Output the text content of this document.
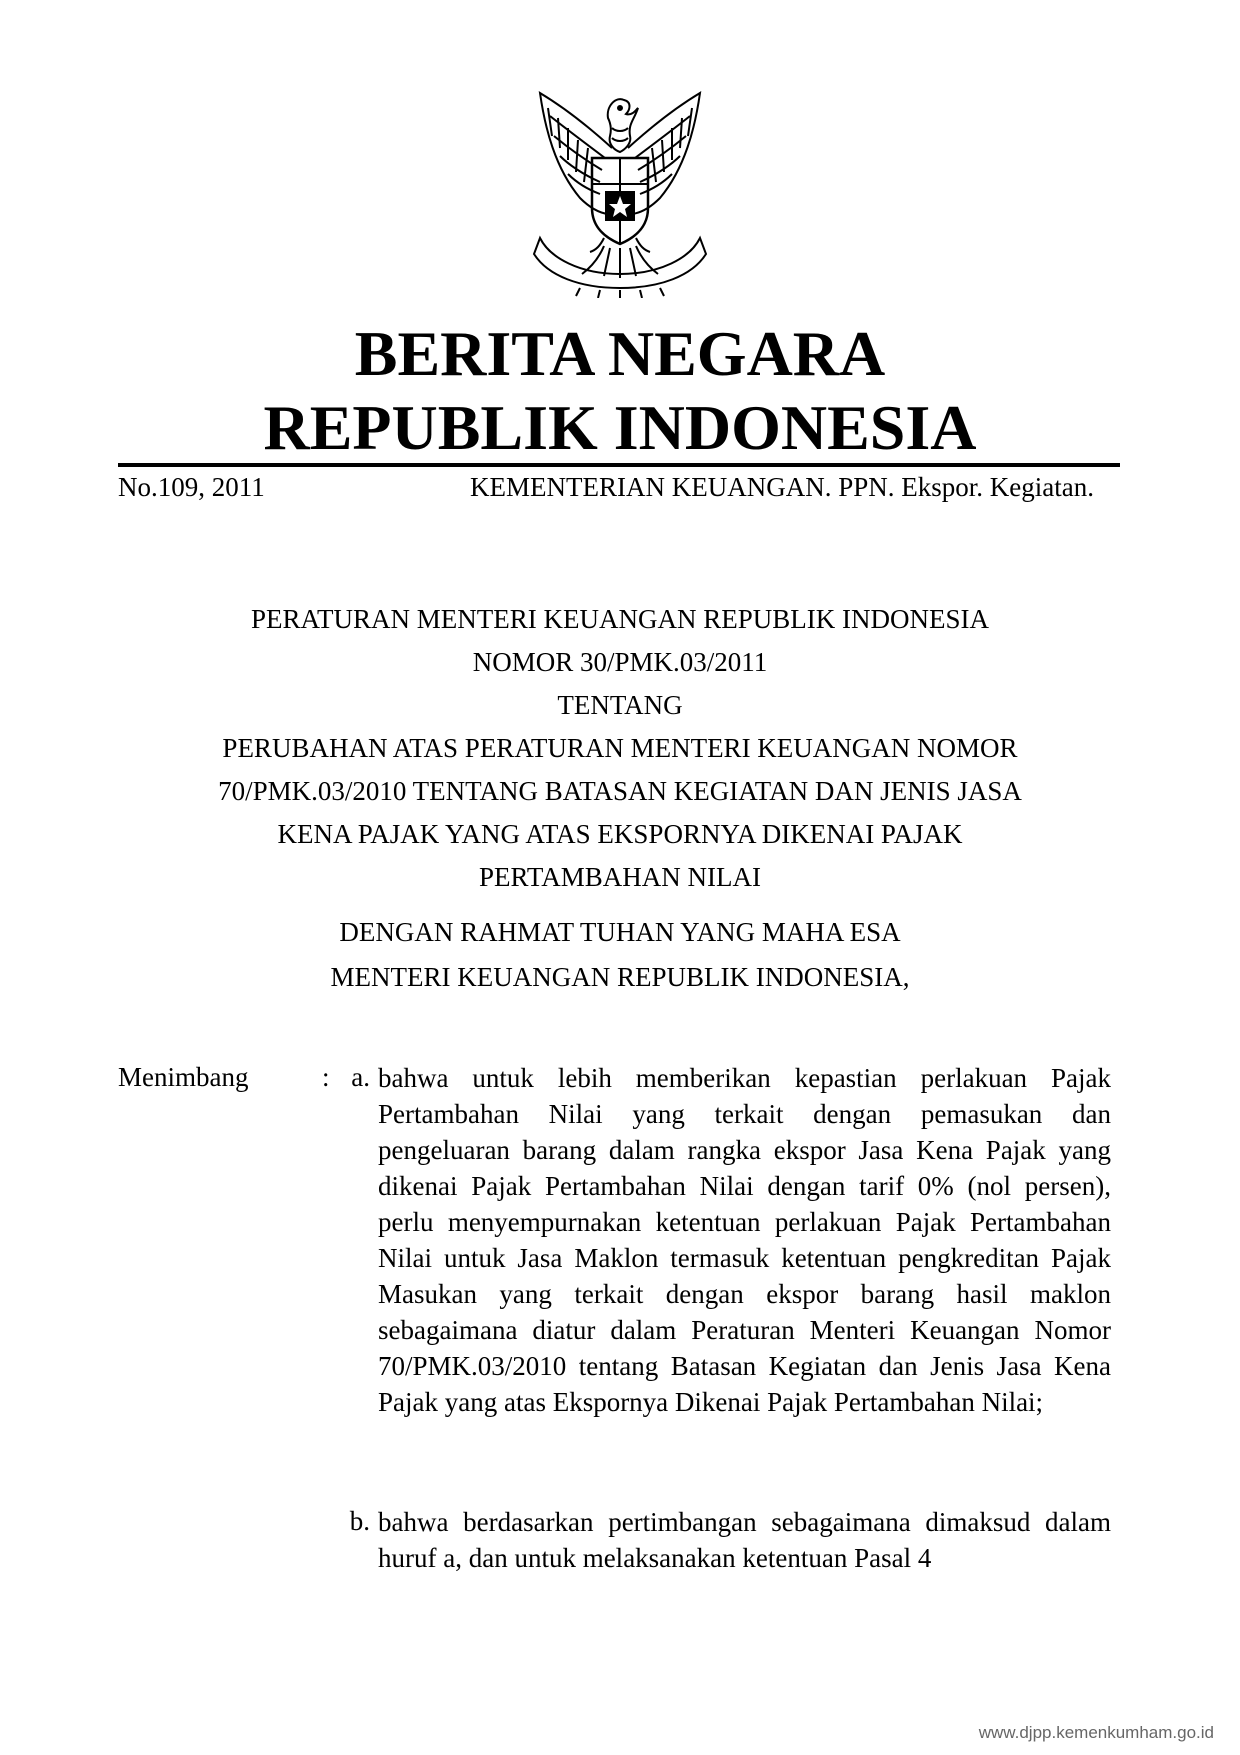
BERITA NEGARA
REPUBLIK INDONESIA
No.109, 2011	KEMENTERIAN KEUANGAN. PPN. Ekspor. Kegiatan.
PERATURAN MENTERI KEUANGAN REPUBLIK INDONESIA
NOMOR 30/PMK.03/2011
TENTANG
PERUBAHAN ATAS PERATURAN MENTERI KEUANGAN NOMOR
70/PMK.03/2010 TENTANG BATASAN KEGIATAN DAN JENIS JASA
KENA PAJAK YANG ATAS EKSPORNYA DIKENAI PAJAK
PERTAMBAHAN NILAI
DENGAN RAHMAT TUHAN YANG MAHA ESA
MENTERI KEUANGAN REPUBLIK INDONESIA,
Menimbang	: a. bahwa untuk lebih memberikan kepastian perlakuan Pajak Pertambahan Nilai yang terkait dengan pemasukan dan pengeluaran barang dalam rangka ekspor Jasa Kena Pajak yang dikenai Pajak Pertambahan Nilai dengan tarif 0% (nol persen), perlu menyempurnakan ketentuan perlakuan Pajak Pertambahan Nilai untuk Jasa Maklon termasuk ketentuan pengkreditan Pajak Masukan yang terkait dengan ekspor barang hasil maklon sebagaimana diatur dalam Peraturan Menteri Keuangan Nomor 70/PMK.03/2010 tentang Batasan Kegiatan dan Jenis Jasa Kena Pajak yang atas Ekspornya Dikenai Pajak Pertambahan Nilai;
b. bahwa berdasarkan pertimbangan sebagaimana dimaksud dalam huruf a, dan untuk melaksanakan ketentuan Pasal 4
www.djpp.kemenkumham.go.id
